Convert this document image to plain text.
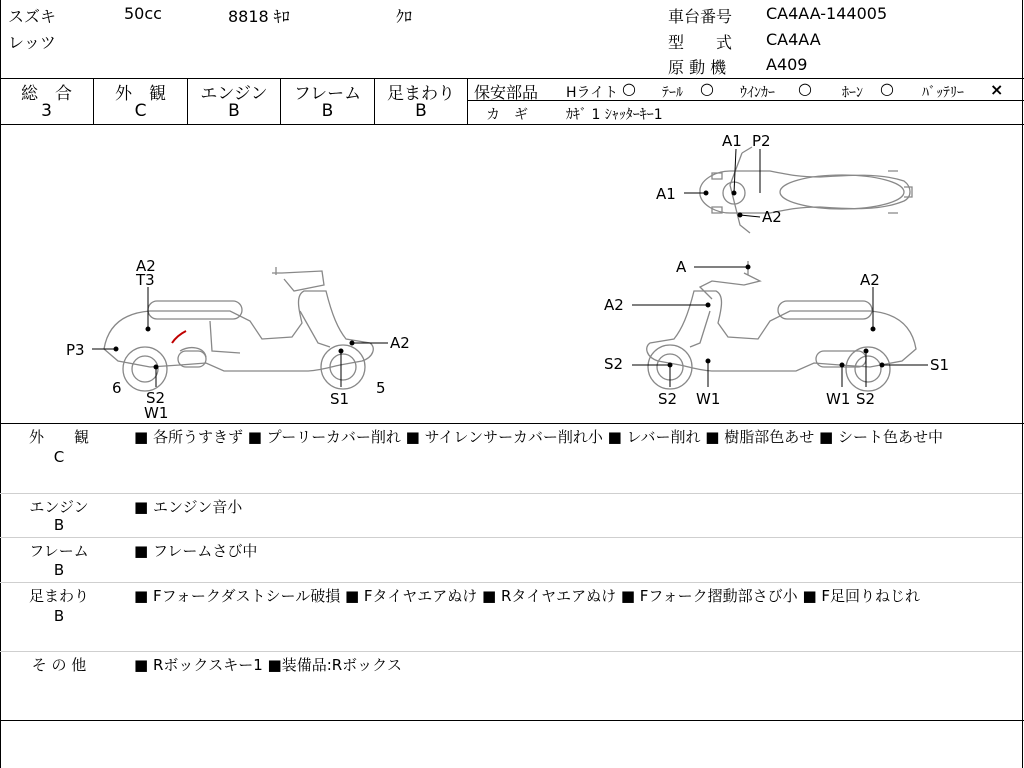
スズキ	50cc	8818 ｷﾛ	ｸﾛ
レッツ
車台番号 CA4AA-144005
型　　式 CA4AA
原 動 機 A409
総　合	外　観	エンジン	フレーム	足まわり
3	C	B	B	B
保安部品 Hライト ○ ﾃｰﾙ ○ ｳｲﾝｶｰ ○ ﾎｰﾝ ○ ﾊﾞｯﾃﾘｰ ×
カ　ギ	ｶｷﾞ 1 ｼｬｯﾀｰｷｰ1
A2
T3
P3	A2
6
S2
W1
S1
5
A1 P2
A1
A2
A
A2
A2
S2	S1
S2 W1	W1 S2
外　　観
C
■ 各所うすきず ■ プーリーカバー削れ ■ サイレンサーカバー削れ小 ■ レバー削れ ■ 樹脂部色あせ ■ シート色あせ中
エンジン
B
■ エンジン音小
フレーム
B
■ フレームさび中
足まわり
B
■ Fフォークダストシール破損 ■ Fタイヤエアぬけ ■ Rタイヤエアぬけ ■ Fフォーク摺動部さび小 ■ F足回りねじれ
そ の 他	■ Rボックスキー1 ■装備品:Rボックス
